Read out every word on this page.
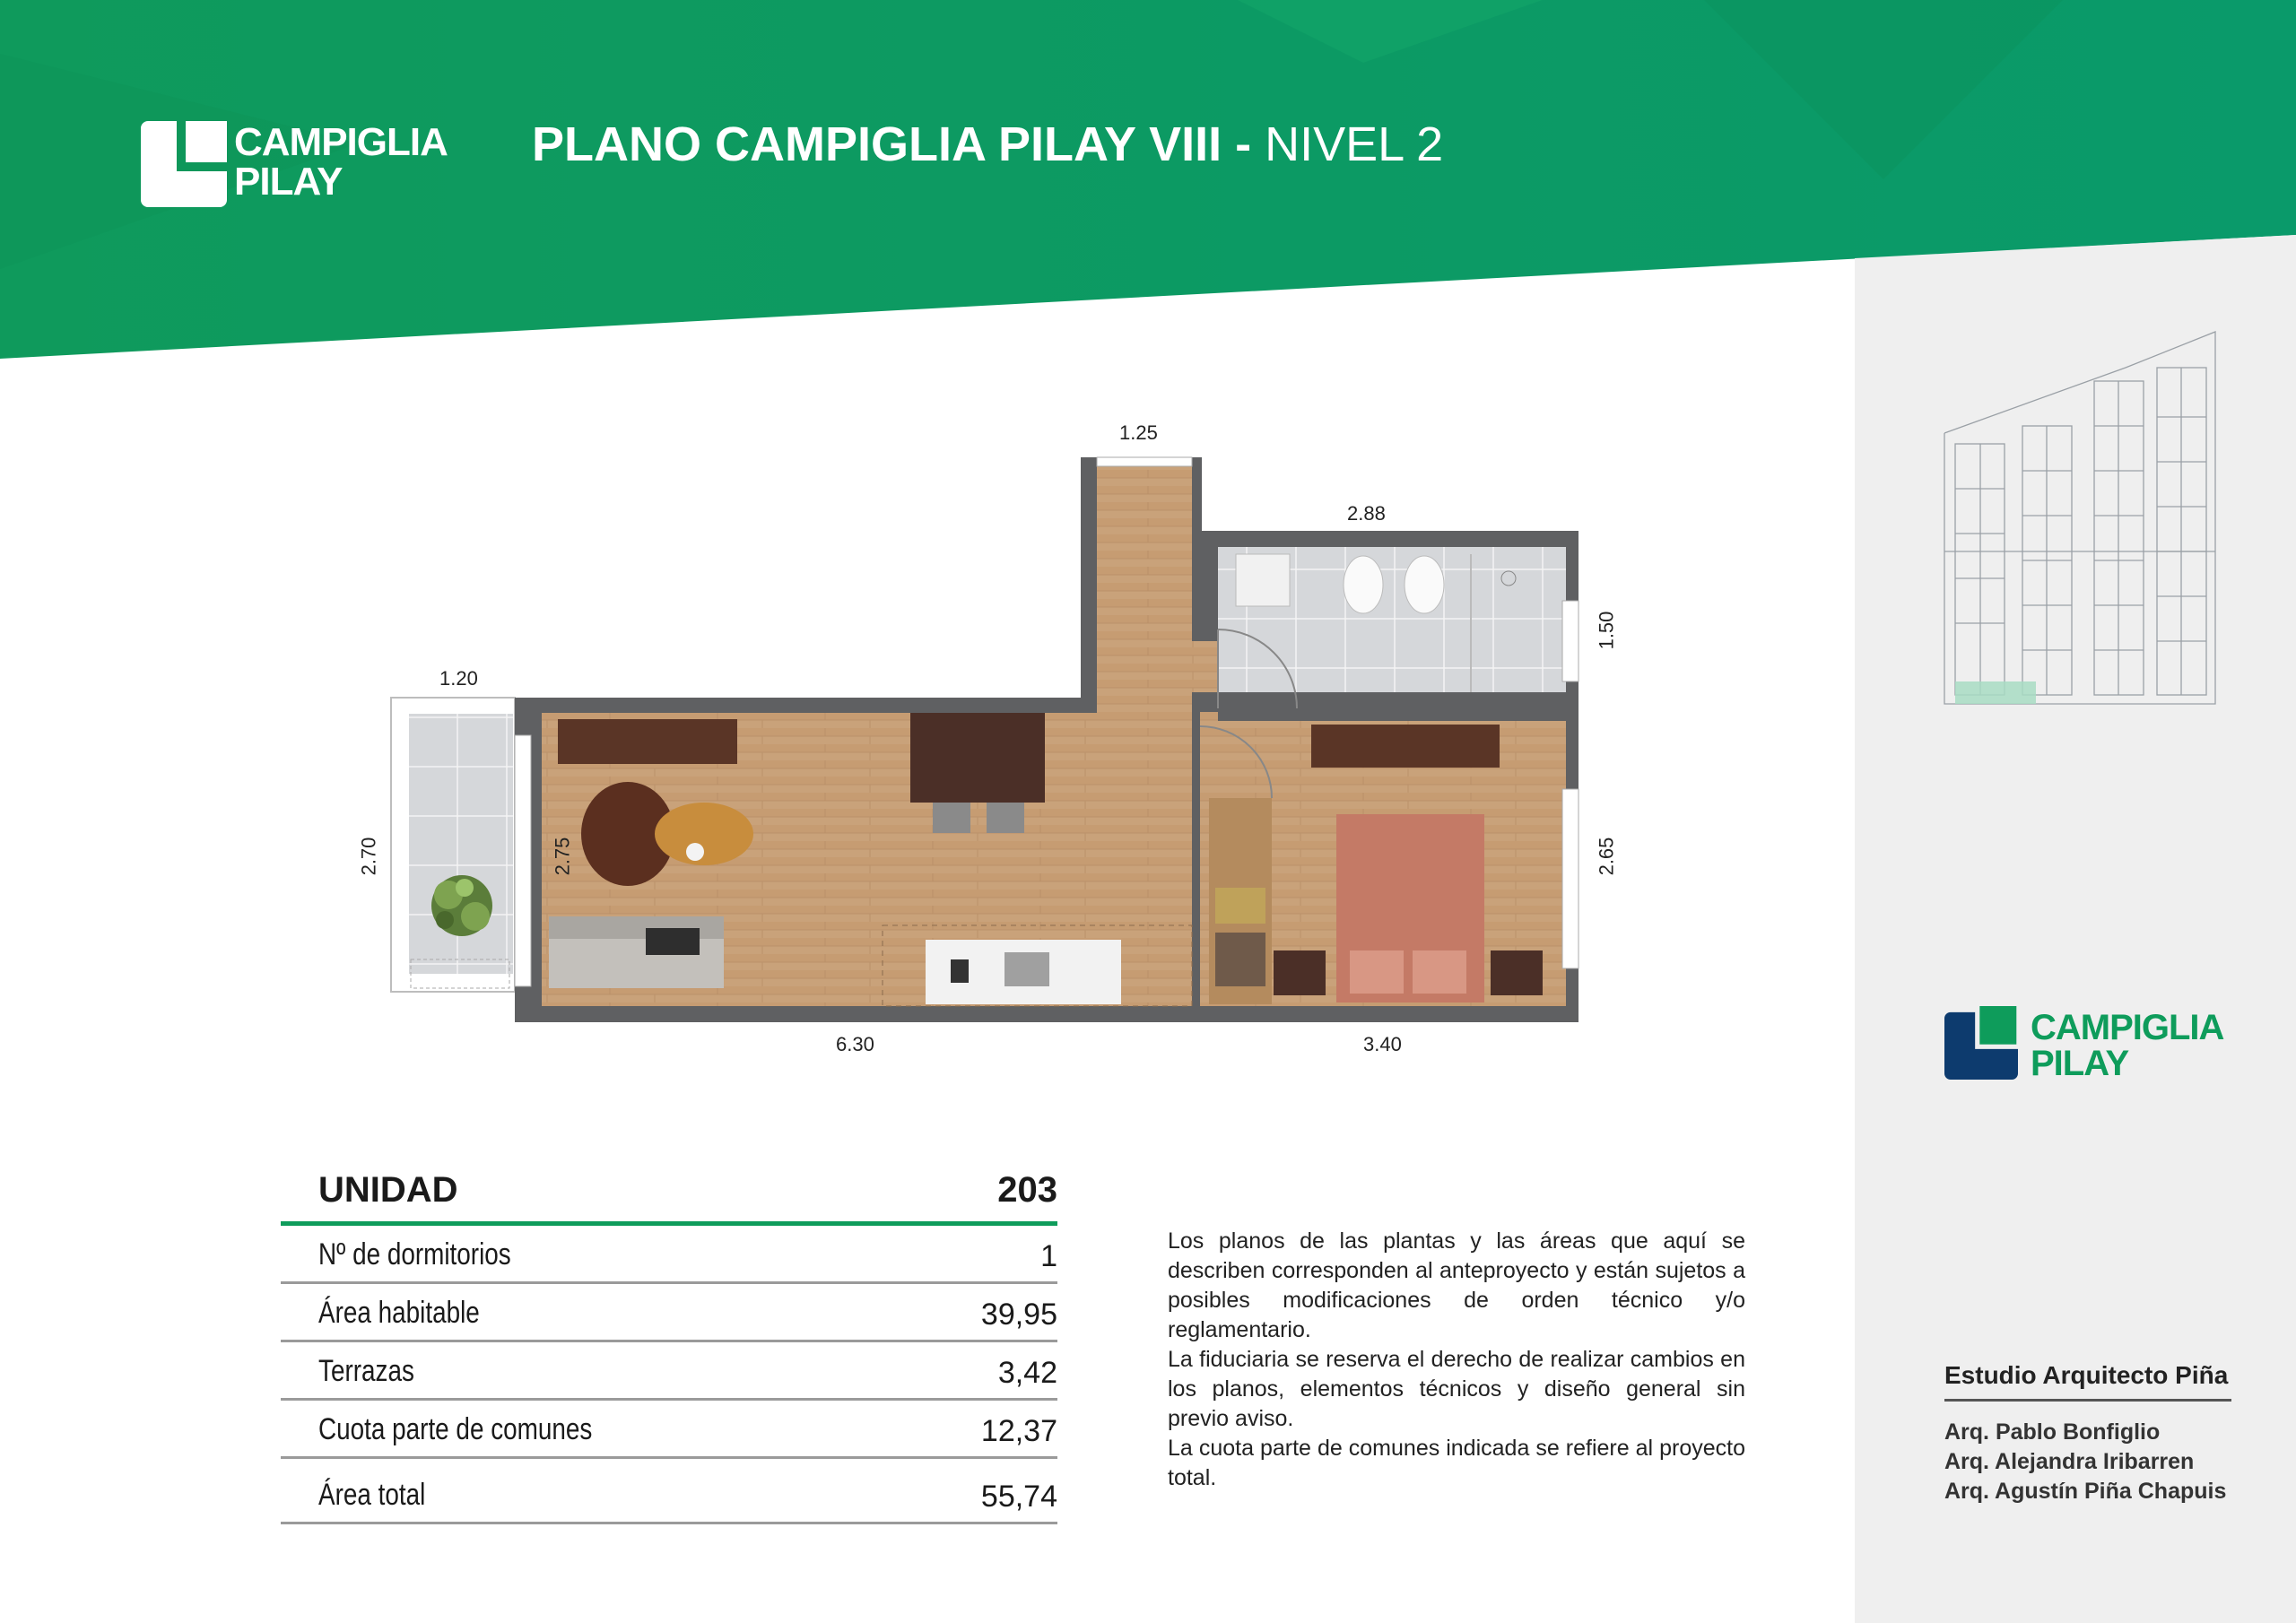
CAMPIGLIA
PILAY
PLANO CAMPIGLIA PILAY VIII - NIVEL 2
CAMPIGLIA
PILAY
Estudio Arquitecto Piña
Arq. Pablo Bonfiglio
Arq. Alejandra Iribarren
Arq. Agustín Piña Chapuis
1.25
2.88
1.50
1.20
2.70	2.75	2.65
6.30	3.40
UNIDAD	203
Nº de dormitorios	1
Área habitable	39,95
Terrazas	3,42
Cuota parte de comunes	12,37
Área total	55,74

Los planos de las plantas y las áreas que aquí se describen corresponden al anteproyecto y están sujetos a posibles modificaciones de orden técnico y/o reglamentario.

La fiduciaria se reserva el derecho de realizar cambios en los planos, elementos técnicos y diseño general sin previo aviso.

La cuota parte de comunes indicada se refiere al proyecto total.
